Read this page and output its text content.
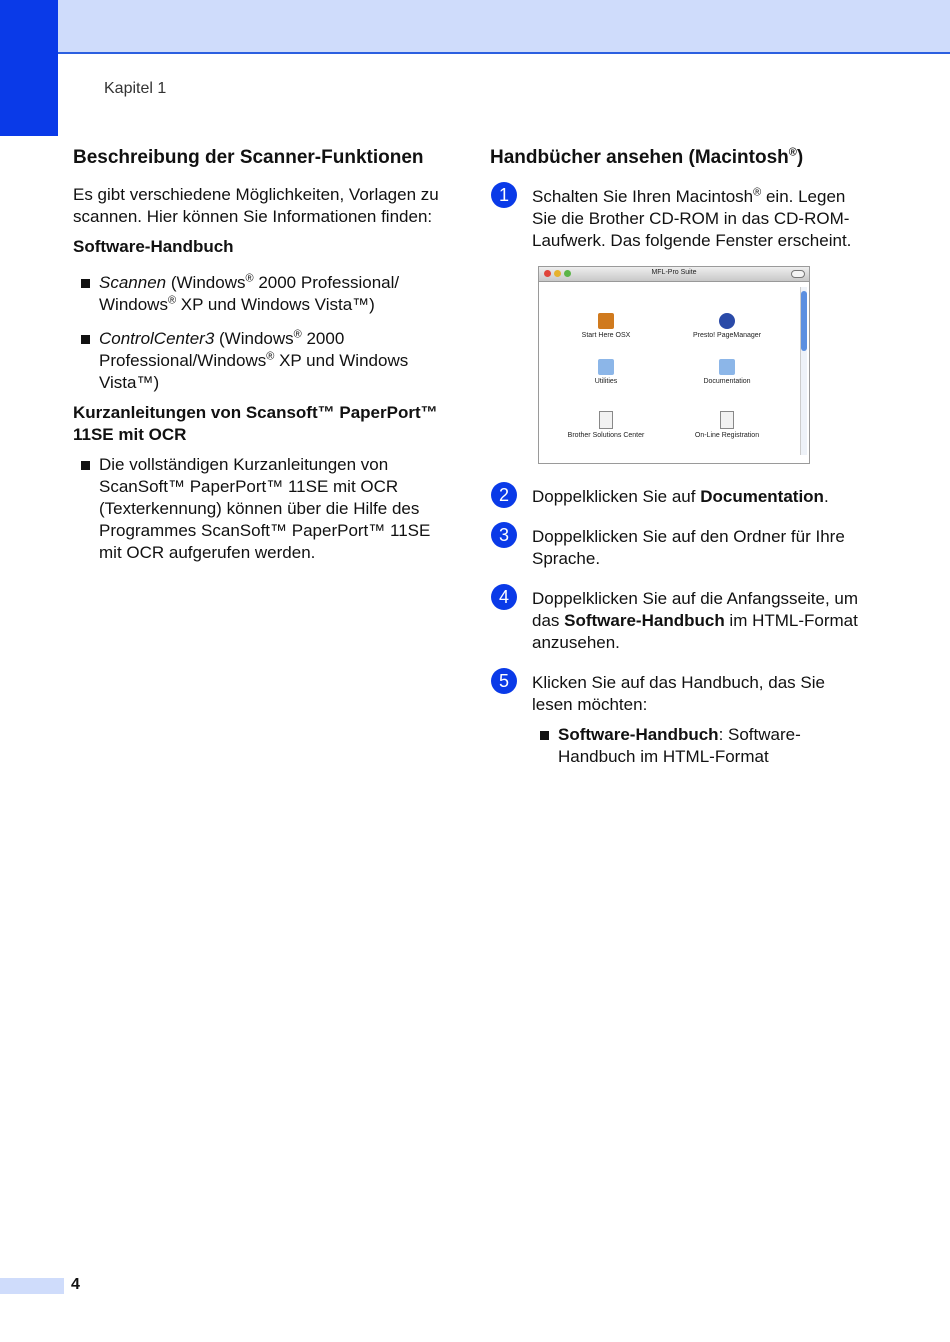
Kapitel 1
Beschreibung der Scanner-Funktionen

Es gibt verschiedene Möglichkeiten, Vorlagen zu scannen. Hier können Sie Informationen finden:

Software-Handbuch
Scannen (Windows® 2000 Professional/ Windows® XP und Windows Vista™)
ControlCenter3 (Windows® 2000 Professional/Windows® XP und Windows Vista™)
Kurzanleitungen von Scansoft™ PaperPort™ 11SE mit OCR
Die vollständigen Kurzanleitungen von ScanSoft™ PaperPort™ 11SE mit OCR (Texterkennung) können über die Hilfe des Programmes ScanSoft™ PaperPort™ 11SE mit OCR aufgerufen werden.
Handbücher ansehen (Macintosh®)
1	Schalten Sie Ihren Macintosh® ein. Legen Sie die Brother CD-ROM in das CD-ROM-Laufwerk. Das folgende Fenster erscheint.
MFL-Pro Suite
Start Here OSX	Presto! PageManager
Utilities	Documentation
Brother Solutions Center	On-Line Registration
2	Doppelklicken Sie auf Documentation.
3	Doppelklicken Sie auf den Ordner für Ihre Sprache.
4	Doppelklicken Sie auf die Anfangsseite, um das Software-Handbuch im HTML-Format anzusehen.
5	Klicken Sie auf das Handbuch, das Sie lesen möchten:
Software-Handbuch: Software-Handbuch im HTML-Format
4
